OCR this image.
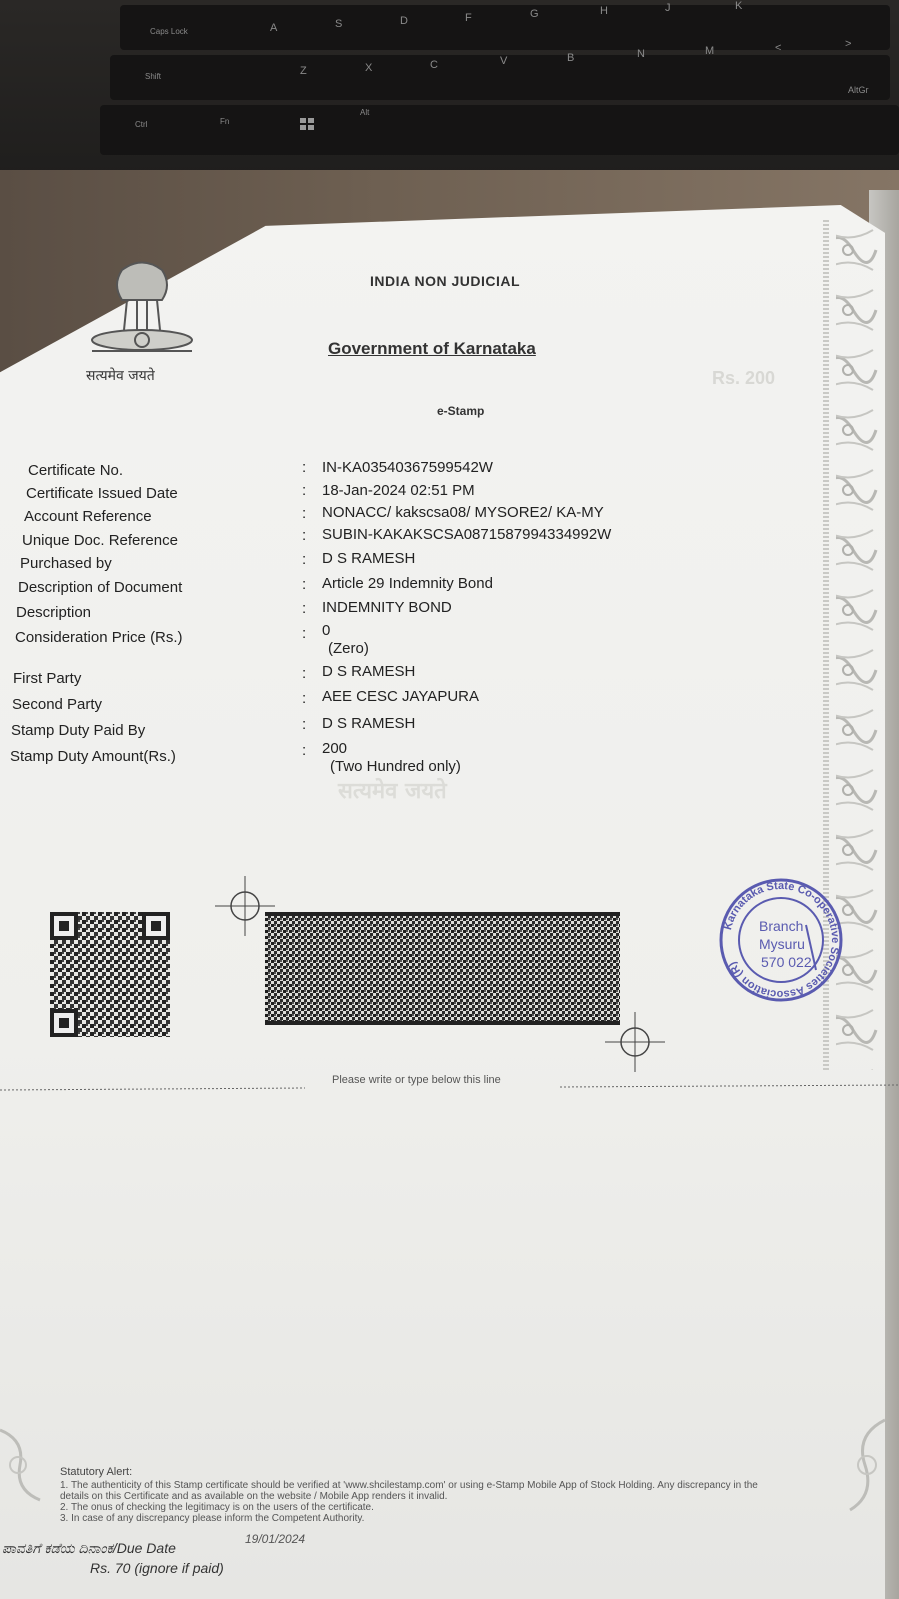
Caps Lock	A	S	D	F	G	H	J	K
Shift	Z	X	C	V	B	N	M	<	>
Ctrl	Fn
Alt
AltGr
सत्यमेव जयते
INDIA NON JUDICIAL
Government of Karnataka
e-Stamp
Rs. 200
Certificate No.	: IN-KA03540367599542W
Certificate Issued Date	: 18-Jan-2024 02:51 PM
Account Reference	: NONACC/ kakscsa08/ MYSORE2/ KA-MY
Unique Doc. Reference	: SUBIN-KAKAKSCSA0871587994334992W
Purchased by	: D S RAMESH
Description of Document	: Article 29 Indemnity Bond
Description	: INDEMNITY BOND
Consideration Price (Rs.)	: 0
(Zero)
First Party	: D S RAMESH
Second Party	: AEE CESC JAYAPURA
Stamp Duty Paid By	: D S RAMESH
Stamp Duty Amount(Rs.)	: 200
(Two Hundred only)
सत्यमेव जयते
Karnataka State Co-operative Societies Association (R)
Branch
Mysuru
570 022
Please write or type below this line
Statutory Alert:
1. The authenticity of this Stamp certificate should be verified at 'www.shcilestamp.com' or using e-Stamp Mobile App of Stock Holding. Any discrepancy in the details on this Certificate and as available on the website / Mobile App renders it invalid.
2. The onus of checking the legitimacy is on the users of the certificate.
3. In case of any discrepancy please inform the Competent Authority.
ಪಾವತಿಗೆ ಕಡೆಯ ದಿನಾಂಕ/Due Date
19/01/2024
Rs. 70 (ignore if paid)
